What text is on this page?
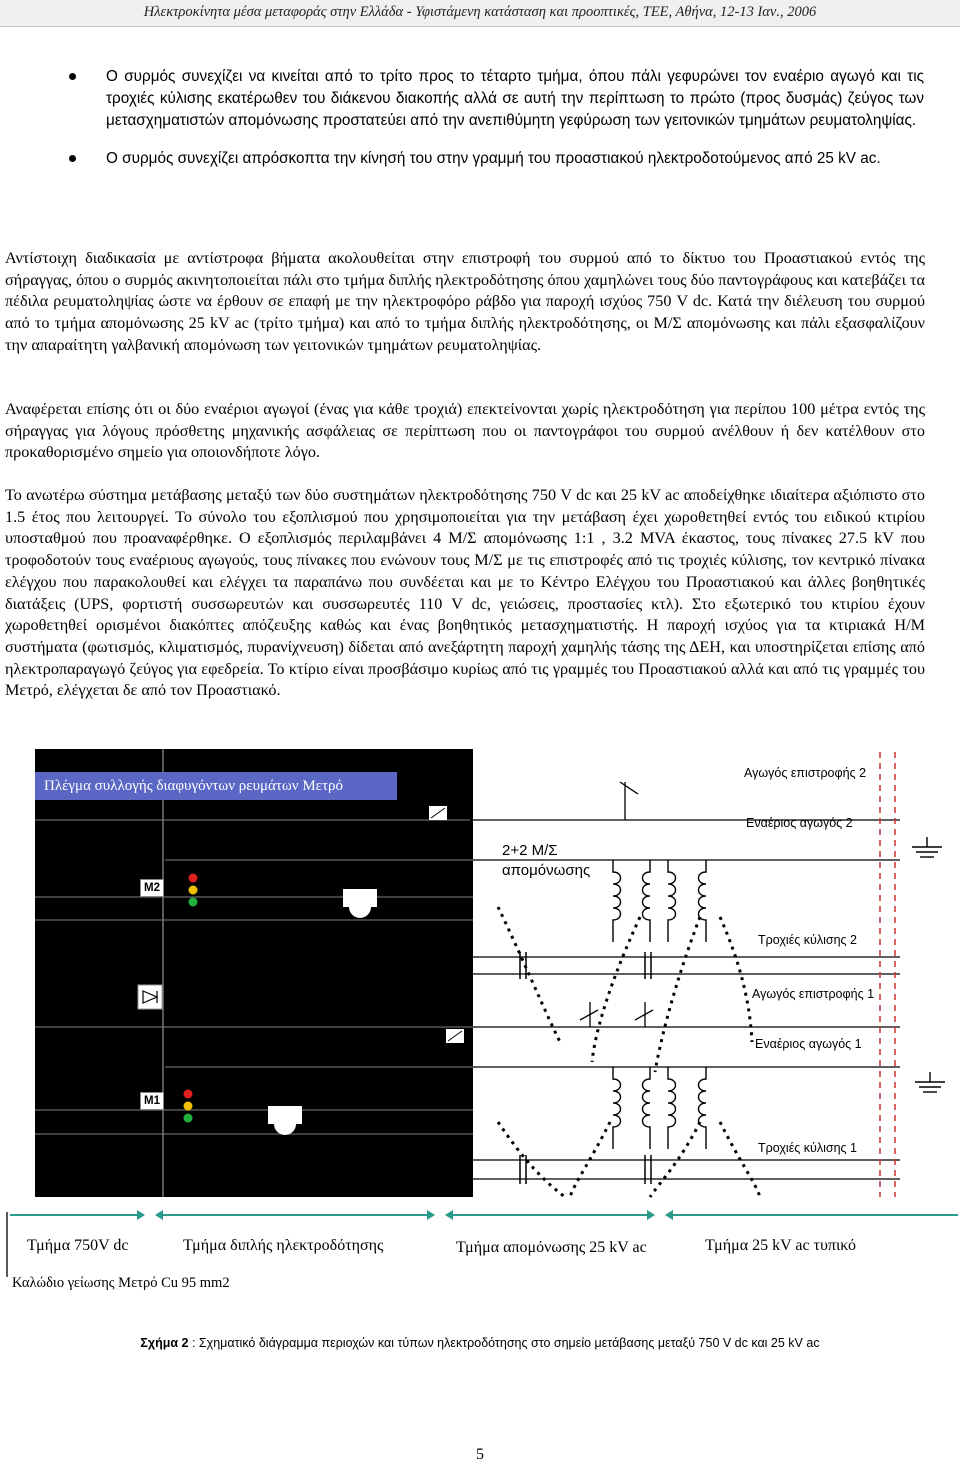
Ηλεκτροκίνητα μέσα μεταφοράς στην Ελλάδα - Υφιστάμενη κατάσταση και προοπτικές, ΤΕΕ, Αθήνα, 12-13 Ιαν., 2006
Ο συρμός συνεχίζει να κινείται από το τρίτο προς το τέταρτο τμήμα, όπου πάλι γεφυρώνει τον εναέριο αγωγό και τις τροχιές κύλισης εκατέρωθεν του διάκενου διακοπής αλλά σε αυτή την περίπτωση το πρώτο (προς δυσμάς) ζεύγος των μετασχηματιστών απομόνωσης προστατεύει από την ανεπιθύμητη γεφύρωση των γειτονικών τμημάτων ρευματοληψίας.
Ο συρμός συνεχίζει απρόσκοπτα την κίνησή του στην γραμμή του προαστιακού ηλεκτροδοτούμενος από 25 kV ac.
Αντίστοιχη διαδικασία με αντίστροφα βήματα ακολουθείται στην επιστροφή του συρμού από το δίκτυο του Προαστιακού εντός της σήραγγας, όπου ο συρμός ακινητοποιείται πάλι στο τμήμα διπλής ηλεκτροδότησης όπου χαμηλώνει τους δύο παντογράφους και κατεβάζει τα πέδιλα ρευματοληψίας ώστε να έρθουν σε επαφή με την ηλεκτροφόρο ράβδο για παροχή ισχύος 750 V dc. Κατά την διέλευση του συρμού από το τμήμα απομόνωσης 25 kV ac (τρίτο τμήμα) και από το τμήμα διπλής ηλεκτροδότησης, οι Μ/Σ απομόνωσης και πάλι εξασφαλίζουν την απαραίτητη γαλβανική απομόνωση των γειτονικών τμημάτων ρευματοληψίας.
Αναφέρεται επίσης ότι οι δύο εναέριοι αγωγοί (ένας για κάθε τροχιά) επεκτείνονται χωρίς ηλεκτροδότηση για περίπου 100 μέτρα εντός της σήραγγας για λόγους πρόσθετης μηχανικής ασφάλειας σε περίπτωση που οι παντογράφοι του συρμού ανέλθουν ή δεν κατέλθουν στο προκαθορισμένο σημείο για οποιονδήποτε λόγο.
Το ανωτέρω σύστημα μετάβασης μεταξύ των δύο συστημάτων ηλεκτροδότησης 750 V dc και 25 kV ac αποδείχθηκε ιδιαίτερα αξιόπιστο στο 1.5 έτος που λειτουργεί. Το σύνολο του εξοπλισμού που χρησιμοποιείται για την μετάβαση έχει χωροθετηθεί εντός του ειδικού κτιρίου υποσταθμού που προαναφέρθηκε. Ο εξοπλισμός περιλαμβάνει 4 Μ/Σ απομόνωσης 1:1 , 3.2 MVA έκαστος, τους πίνακες 27.5 kV που τροφοδοτούν τους εναέριους αγωγούς, τους πίνακες που ενώνουν τους Μ/Σ με τις επιστροφές από τις τροχιές κύλισης, τον κεντρικό πίνακα ελέγχου που παρακολουθεί και ελέγχει τα παραπάνω που συνδέεται και με το Κέντρο Ελέγχου του Προαστιακού και άλλες βοηθητικές διατάξεις (UPS, φορτιστή συσσωρευτών και συσσωρευτές 110 V dc, γειώσεις, προστασίες κτλ). Στο εξωτερικό του κτιρίου έχουν χωροθετηθεί ορισμένοι διακόπτες απόζευξης καθώς και ένας βοηθητικός μετασχηματιστής. Η παροχή ισχύος για τα κτιριακά Η/Μ συστήματα (φωτισμός, κλιματισμός, πυρανίχνευση) δίδεται από ανεξάρτητη παροχή χαμηλής τάσης της ΔΕΗ, και υποστηρίζεται επίσης από ηλεκτροπαραγωγό ζεύγος για εφεδρεία. Το κτίριο είναι προσβάσιμο κυρίως από τις γραμμές του Προαστιακού αλλά και από τις γραμμές του Μετρό, ελέγχεται δε από τον Προαστιακό.
Πλέγμα συλλογής διαφυγόντων ρευμάτων Μετρό
M2
M1
2+2 Μ/Σ
απομόνωσης
Αγωγός επιστροφής 2
Εναέριος αγωγός 2
Τροχιές κύλισης 2
Αγωγός επιστροφής 1
Εναέριος αγωγός 1
Τροχιές κύλισης 1
Τμήμα 750V dc	Τμήμα διπλής ηλεκτροδότησης	Τμήμα απομόνωσης 25 kV ac	Τμήμα 25 kV ac τυπικό
Καλώδιο γείωσης Μετρό Cu 95 mm2
Σχήμα 2 : Σχηματικό διάγραμμα περιοχών και τύπων ηλεκτροδότησης στο σημείο μετάβασης μεταξύ 750 V dc και 25 kV ac
5
